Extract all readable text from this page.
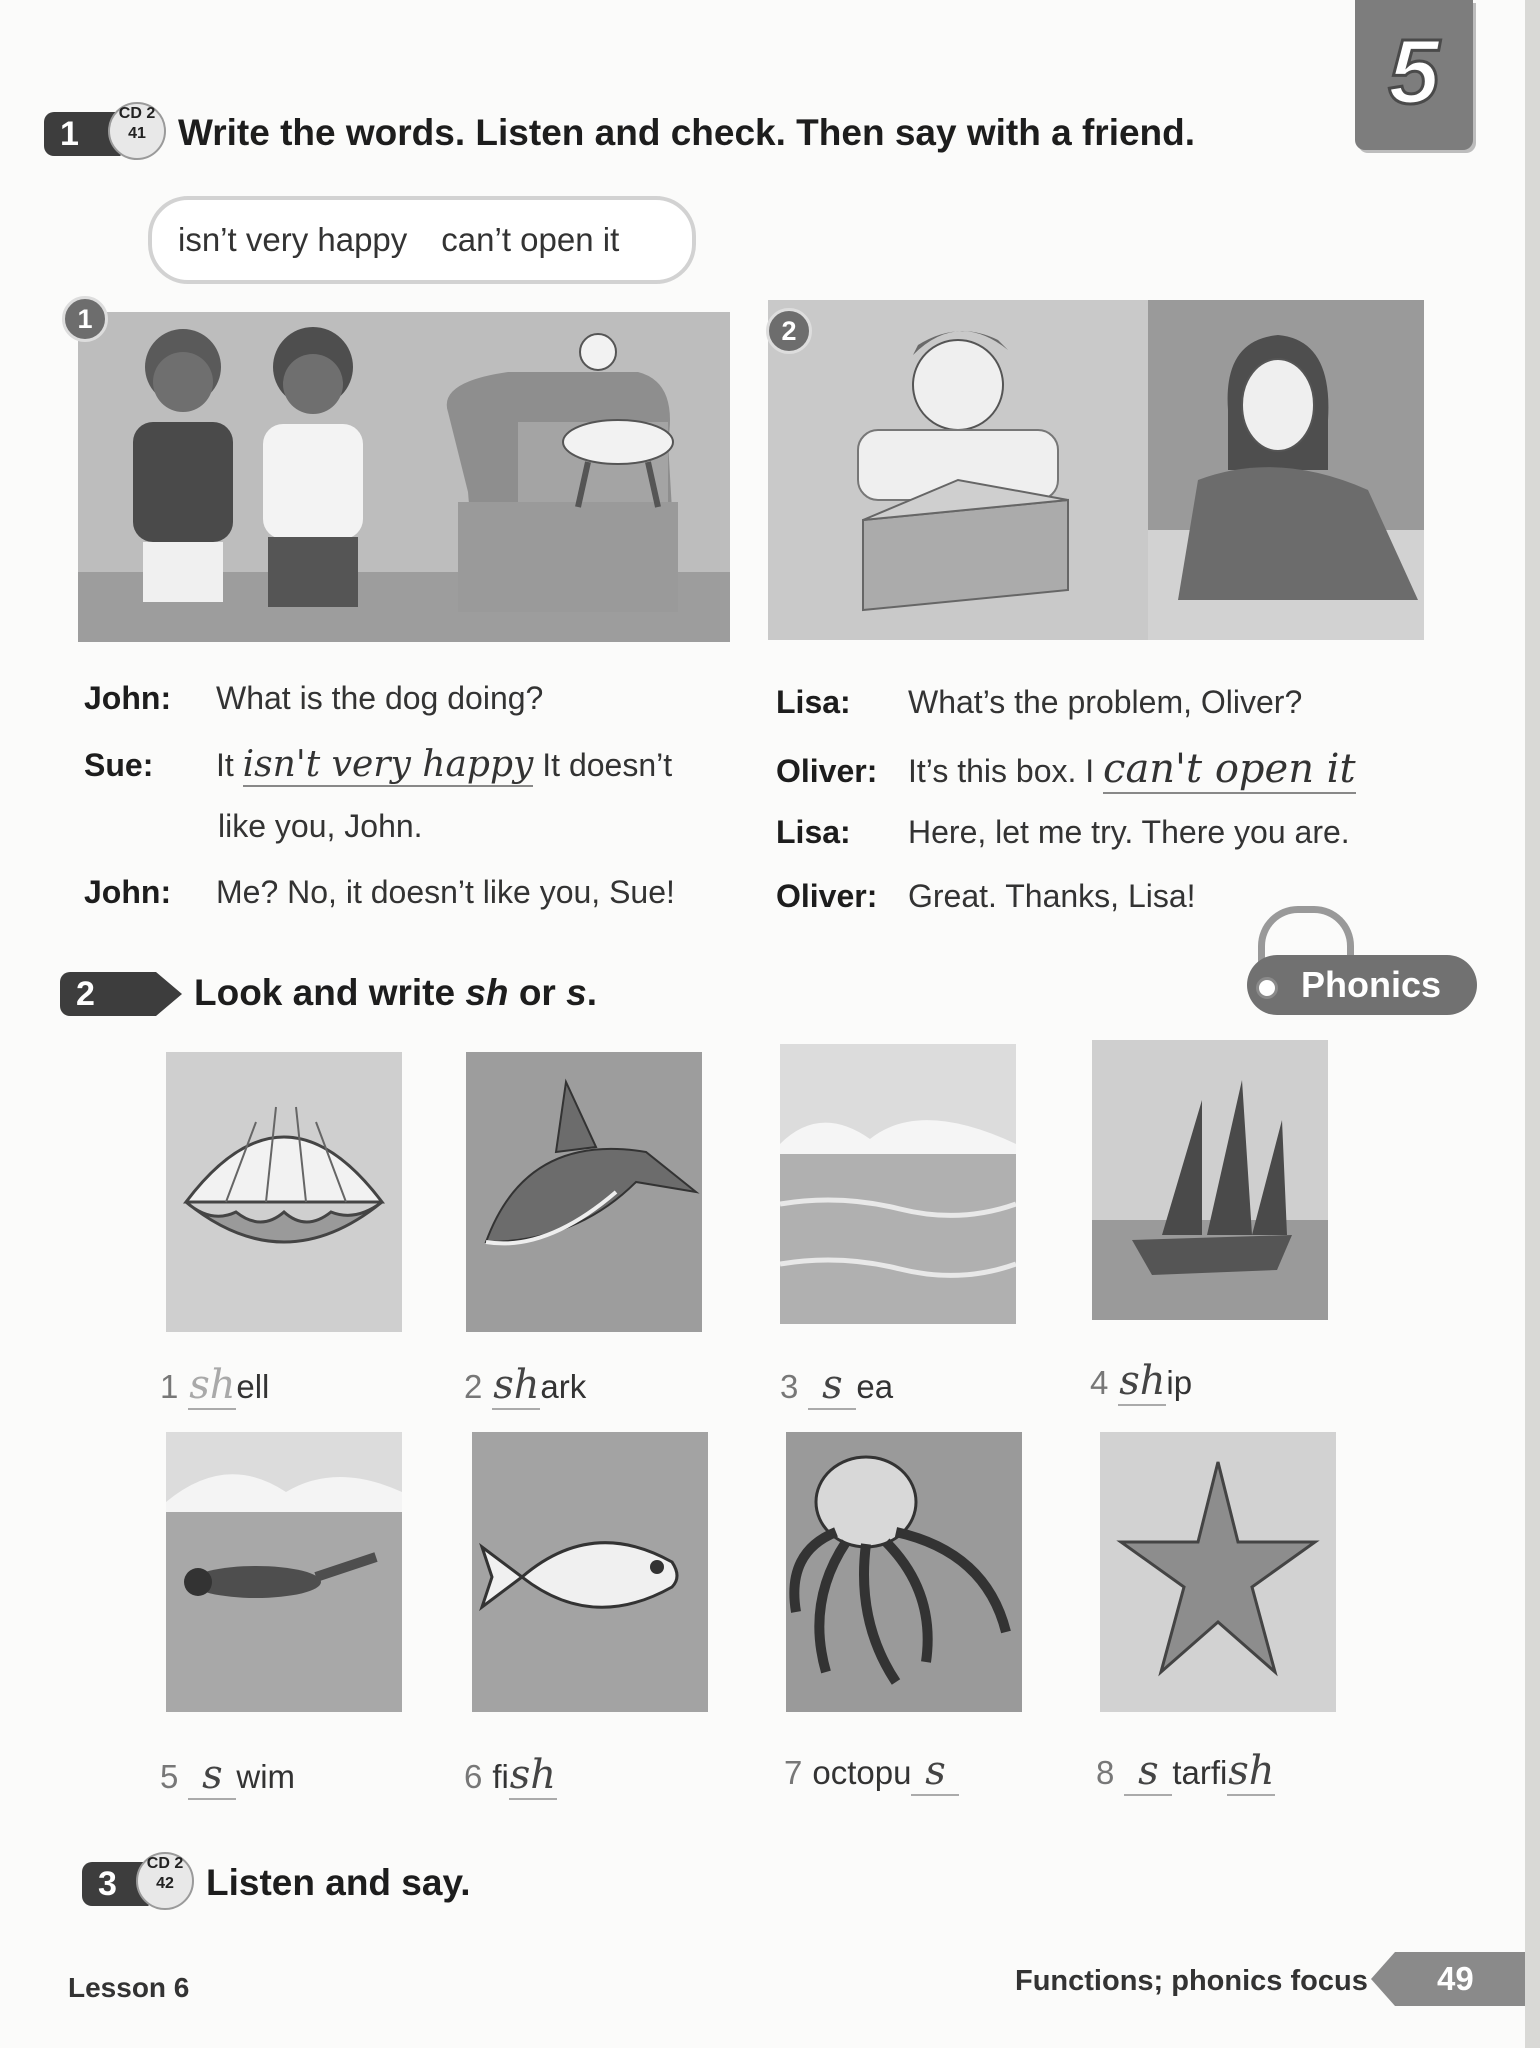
5
1
CD 2
41 Write the words. Listen and check. Then say with a friend.
isn’t very happy can’t open it
1	2
John: What is the dog doing?
Sue: It isn't very happy It doesn’t
like you, John.
John: Me? No, it doesn’t like you, Sue!
Lisa: What’s the problem, Oliver?
Oliver: It’s this box. I can't open it
Lisa: Here, let me try. There you are.
Oliver: Great. Thanks, Lisa!
2	Look and write sh or s.	Phonics
1 shell	2 shark	3 s ea	4 ship
5 s wim	6 fish	7 octopu s	8 s tarfish
3
CD 2
42 Listen and say.
Lesson 6	Functions; phonics focus	49
